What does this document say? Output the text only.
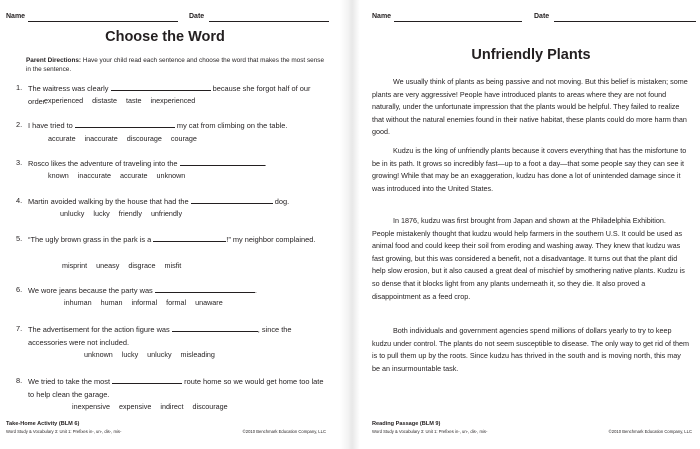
Name	Date
Choose the Word
Parent Directions: Have your child read each sentence and choose the word that makes the most sense in the sentence.
1. The waitress was clearly	because she forgot half of our order.
experienced distaste taste inexperienced
2. I have tried to	my cat from climbing on the table.
accurate inaccurate discourage courage
3. Rosco likes the adventure of traveling into the	.
known inaccurate accurate unknown
4. Martin avoided walking by the house that had the	dog.
unlucky lucky friendly unfriendly
5. “The ugly brown grass in the park is a	!” my neighbor complained.
misprint uneasy disgrace misfit
6. We wore jeans because the party was	.
inhuman human informal formal unaware
7. The advertisement for the action figure was	, since the accessories were not included.
unknown lucky unlucky misleading
8. We tried to take the most	route home so we would get home too late to help clean the garage.
inexpensive expensive indirect discourage
Take-Home Activity (BLM 6)
Word Study & Vocabulary 3: Unit 1: Prefixes in-, un-, dis-, mis-	©2010 Benchmark Education Company, LLC
Name	Date
Unfriendly Plants
We usually think of plants as being passive and not moving. But this belief is mistaken; some plants are very aggressive! People have introduced plants to areas where they are not found naturally, under the unfortunate impression that the plants would be helpful. They failed to realize that without the natural enemies found in their native habitat, these plants could do more harm than good.
Kudzu is the king of unfriendly plants because it covers everything that has the misfortune to be in its path. It grows so incredibly fast—up to a foot a day—that some people say they can see it growing! While that may be an exaggeration, kudzu has done a lot of unintended damage since it was introduced into the United States.
In 1876, kudzu was first brought from Japan and shown at the Philadelphia Exhibition. People mistakenly thought that kudzu would help farmers in the southern U.S. It could be used as animal food and could keep their soil from eroding and washing away. They knew that kudzu was fast growing, but this was considered a benefit, not a disadvantage. It turns out that the plant did help slow erosion, but it also caused a great deal of mischief by smothering native plants. Kudzu is so dense that it blocks light from any plants underneath it, so they die. It also proved a disappointment as a feed crop.
Both individuals and government agencies spend millions of dollars yearly to try to keep kudzu under control. The plants do not seem susceptible to disease. The only way to get rid of them is to pull them up by the roots. Since kudzu has thrived in the south and is moving north, this may be an insurmountable task.
Reading Passage (BLM 9)
Word Study & Vocabulary 3: Unit 1: Prefixes in-, un-, dis-, mis-	©2010 Benchmark Education Company, LLC
